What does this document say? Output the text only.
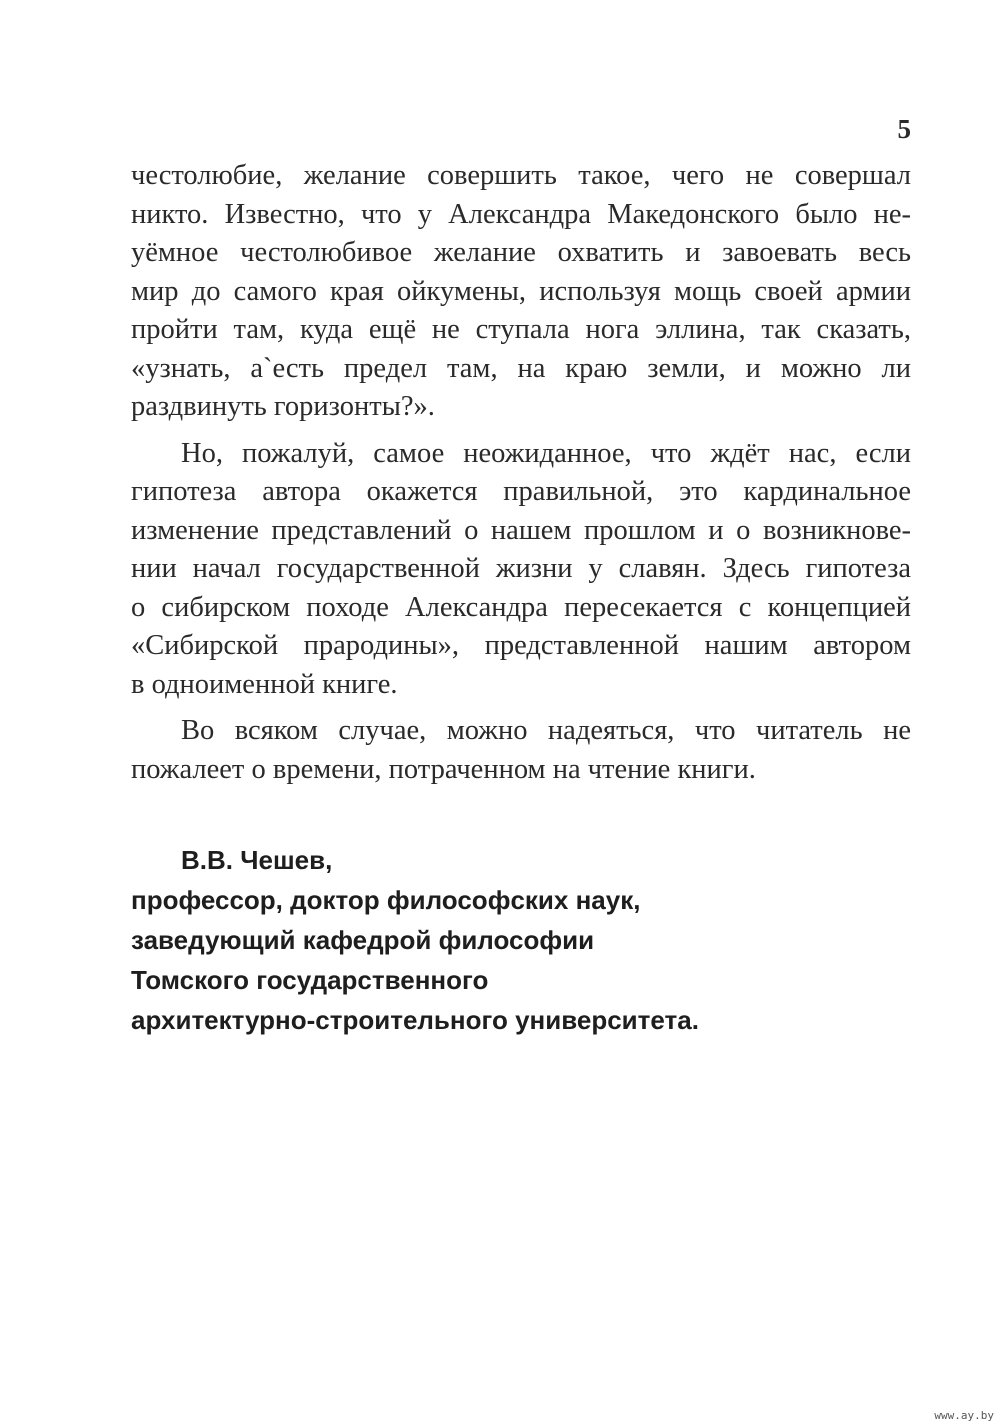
5
честолюбие, желание совершить такое, чего не совершал
никто. Известно, что у Александра Македонского было не-
уёмное честолюбивое желание охватить и завоевать весь
мир до самого края ойкумены, используя мощь своей армии
пройти там, куда ещё не ступала нога эллина, так сказать,
«узнать, а`есть предел там, на краю земли, и можно ли
раздвинуть горизонты?».
Но, пожалуй, самое неожиданное, что ждёт нас, если
гипотеза автора окажется правильной, это кардинальное
изменение представлений о нашем прошлом и о возникнове-
нии начал государственной жизни у славян. Здесь гипотеза
о сибирском походе Александра пересекается с концепцией
«Сибирской прародины», представленной нашим автором
в одноименной книге.
Во всяком случае, можно надеяться, что читатель не
пожалеет о времени, потраченном на чтение книги.
В.В. Чешев,
профессор, доктор философских наук,
заведующий кафедрой философии
Томского государственного
архитектурно-строительного университета.
www.ay.by
